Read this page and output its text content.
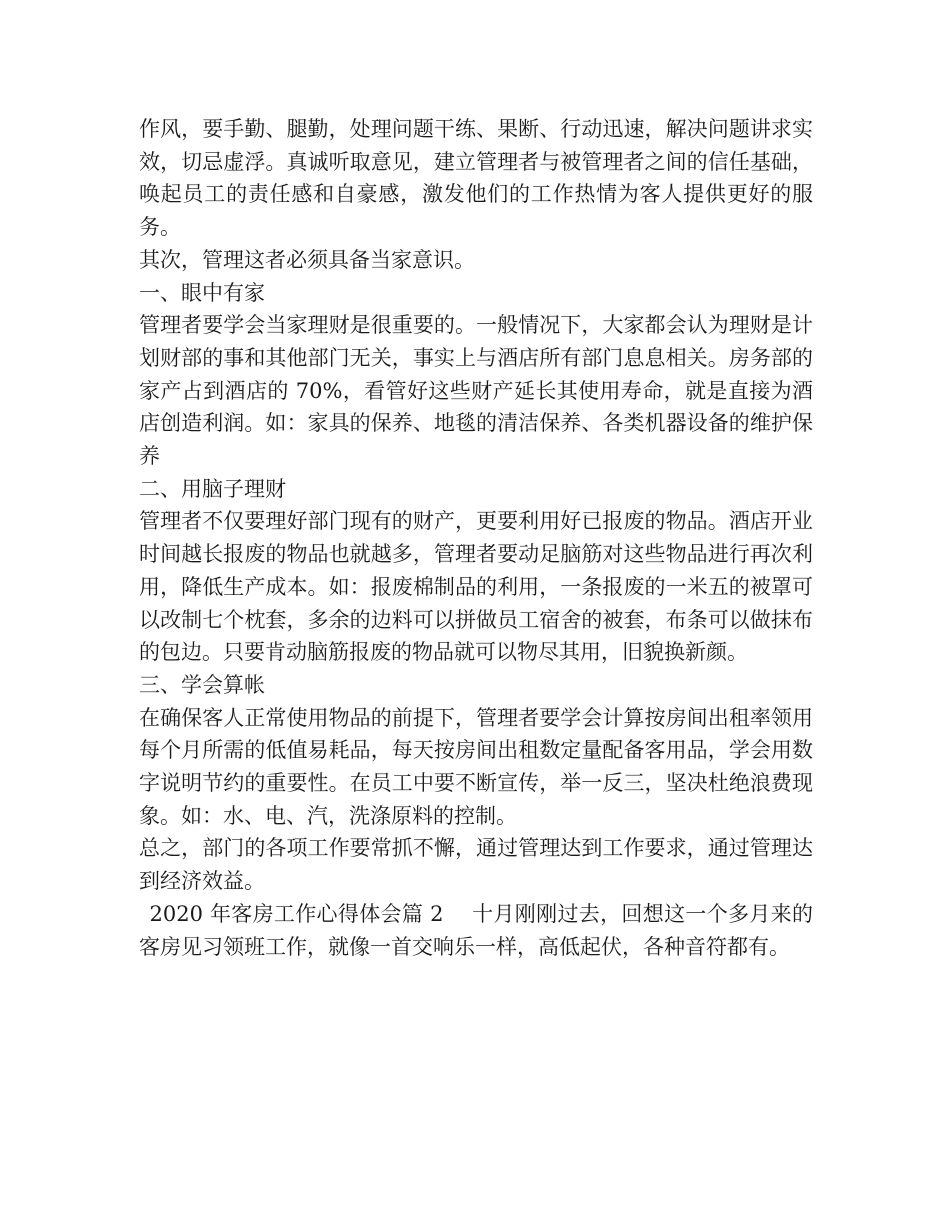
作风，要手勤、腿勤，处理问题干练、果断、行动迅速，解决问题讲求实效，切忌虚浮。真诚听取意见，建立管理者与被管理者之间的信任基础，唤起员工的责任感和自豪感，激发他们的工作热情为客人提供更好的服务。

其次，管理这者必须具备当家意识。

一、眼中有家

管理者要学会当家理财是很重要的。一般情况下，大家都会认为理财是计划财部的事和其他部门无关，事实上与酒店所有部门息息相关。房务部的家产占到酒店的 70%，看管好这些财产延长其使用寿命，就是直接为酒店创造利润。如：家具的保养、地毯的清洁保养、各类机器设备的维护保养

二、用脑子理财

管理者不仅要理好部门现有的财产，更要利用好已报废的物品。酒店开业时间越长报废的物品也就越多，管理者要动足脑筋对这些物品进行再次利用，降低生产成本。如：报废棉制品的利用，一条报废的一米五的被罩可以改制七个枕套，多余的边料可以拼做员工宿舍的被套，布条可以做抹布的包边。只要肯动脑筋报废的物品就可以物尽其用，旧貌换新颜。

三、学会算帐

在确保客人正常使用物品的前提下，管理者要学会计算按房间出租率领用每个月所需的低值易耗品，每天按房间出租数定量配备客用品，学会用数字说明节约的重要性。在员工中要不断宣传，举一反三，坚决杜绝浪费现象。如：水、电、汽，洗涤原料的控制。

总之，部门的各项工作要常抓不懈，通过管理达到工作要求，通过管理达到经济效益。

2020 年客房工作心得体会篇 2　 十月刚刚过去，回想这一个多月来的客房见习领班工作，就像一首交响乐一样，高低起伏，各种音符都有。
